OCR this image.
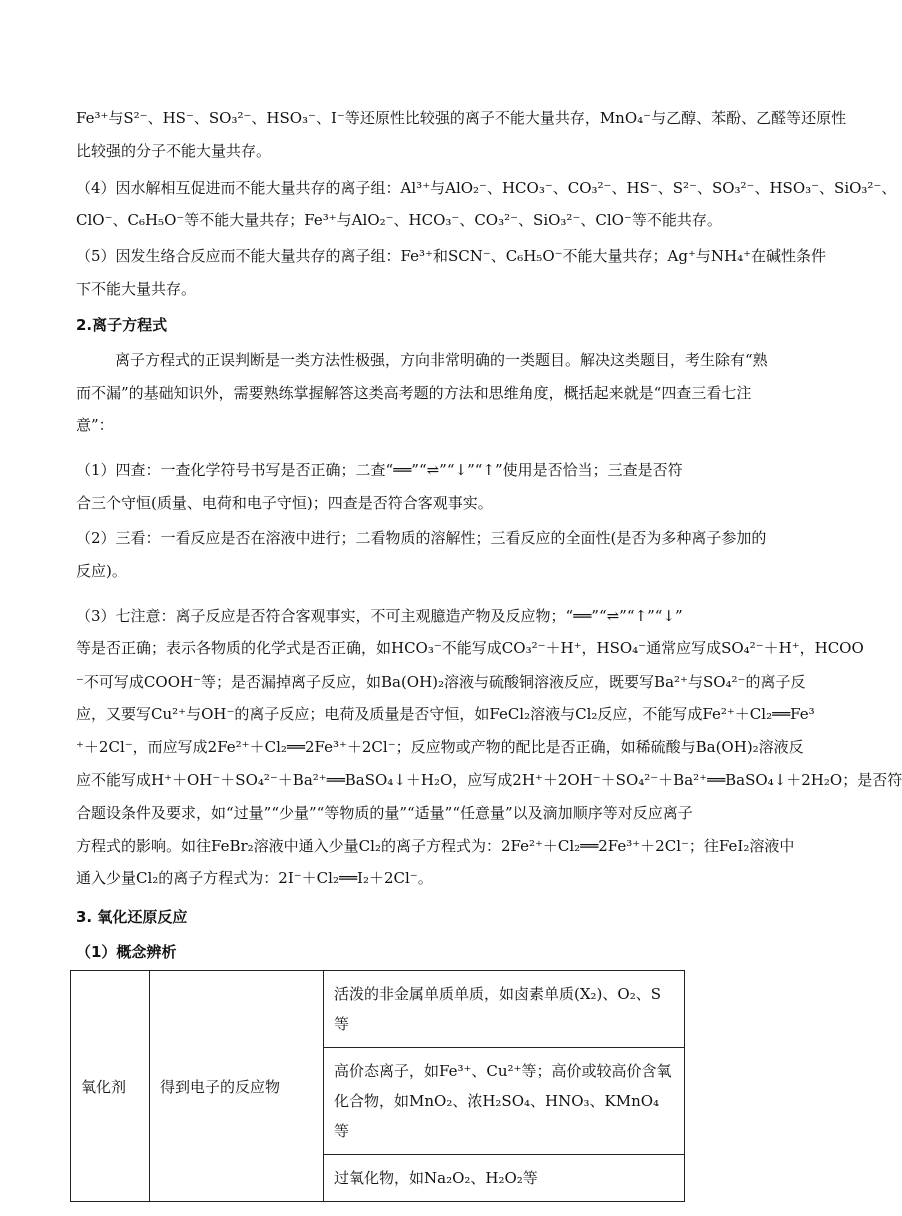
Fe³⁺与S²⁻、HS⁻、SO₃²⁻、HSO₃⁻、I⁻等还原性比较强的离子不能大量共存，MnO₄⁻与乙醇、苯酚、乙醛等还原性
比较强的分子不能大量共存。
（4）因水解相互促进而不能大量共存的离子组：Al³⁺与AlO₂⁻、HCO₃⁻、CO₃²⁻、HS⁻、S²⁻、SO₃²⁻、HSO₃⁻、SiO₃²⁻、
ClO⁻、C₆H₅O⁻等不能大量共存；Fe³⁺与AlO₂⁻、HCO₃⁻、CO₃²⁻、SiO₃²⁻、ClO⁻等不能共存。
（5）因发生络合反应而不能大量共存的离子组：Fe³⁺和SCN⁻、C₆H₅O⁻不能大量共存；Ag⁺与NH₄⁺在碱性条件
下不能大量共存。
2.离子方程式
离子方程式的正误判断是一类方法性极强，方向非常明确的一类题目。解决这类题目，考生除有“熟
而不漏”的基础知识外，需要熟练掌握解答这类高考题的方法和思维角度，概括起来就是“四查三看七注
意”：
（1）四查：一查化学符号书写是否正确；二查“══”“⇌”“↓”“↑”使用是否恰当；三查是否符
合三个守恒(质量、电荷和电子守恒)；四查是否符合客观事实。
（2）三看：一看反应是否在溶液中进行；二看物质的溶解性；三看反应的全面性(是否为多种离子参加的
反应)。
（3）七注意：离子反应是否符合客观事实，不可主观臆造产物及反应物；“══”“⇌”“↑”“↓”
等是否正确；表示各物质的化学式是否正确，如HCO₃⁻不能写成CO₃²⁻＋H⁺，HSO₄⁻通常应写成SO₄²⁻＋H⁺，HCOO
⁻不可写成COOH⁻等；是否漏掉离子反应，如Ba(OH)₂溶液与硫酸铜溶液反应，既要写Ba²⁺与SO₄²⁻的离子反
应，又要写Cu²⁺与OH⁻的离子反应；电荷及质量是否守恒，如FeCl₂溶液与Cl₂反应，不能写成Fe²⁺＋Cl₂══Fe³
⁺＋2Cl⁻，而应写成2Fe²⁺＋Cl₂══2Fe³⁺＋2Cl⁻；反应物或产物的配比是否正确，如稀硫酸与Ba(OH)₂溶液反
应不能写成H⁺＋OH⁻＋SO₄²⁻＋Ba²⁺══BaSO₄↓＋H₂O，应写成2H⁺＋2OH⁻＋SO₄²⁻＋Ba²⁺══BaSO₄↓＋2H₂O；是否符
合题设条件及要求，如“过量”“少量”“等物质的量”“适量”“任意量”以及滴加顺序等对反应离子
方程式的影响。如往FeBr₂溶液中通入少量Cl₂的离子方程式为：2Fe²⁺＋Cl₂══2Fe³⁺＋2Cl⁻；往FeI₂溶液中
通入少量Cl₂的离子方程式为：2I⁻＋Cl₂══I₂＋2Cl⁻。
3. 氧化还原反应
（1）概念辨析
氧化剂	得到电子的反应物	活泼的非金属单质单质，如卤素单质(X₂)、O₂、S等
高价态离子，如Fe³⁺、Cu²⁺等；高价或较高价含氧化合物，如MnO₂、浓H₂SO₄、HNO₃、KMnO₄等
过氧化物，如Na₂O₂、H₂O₂等
